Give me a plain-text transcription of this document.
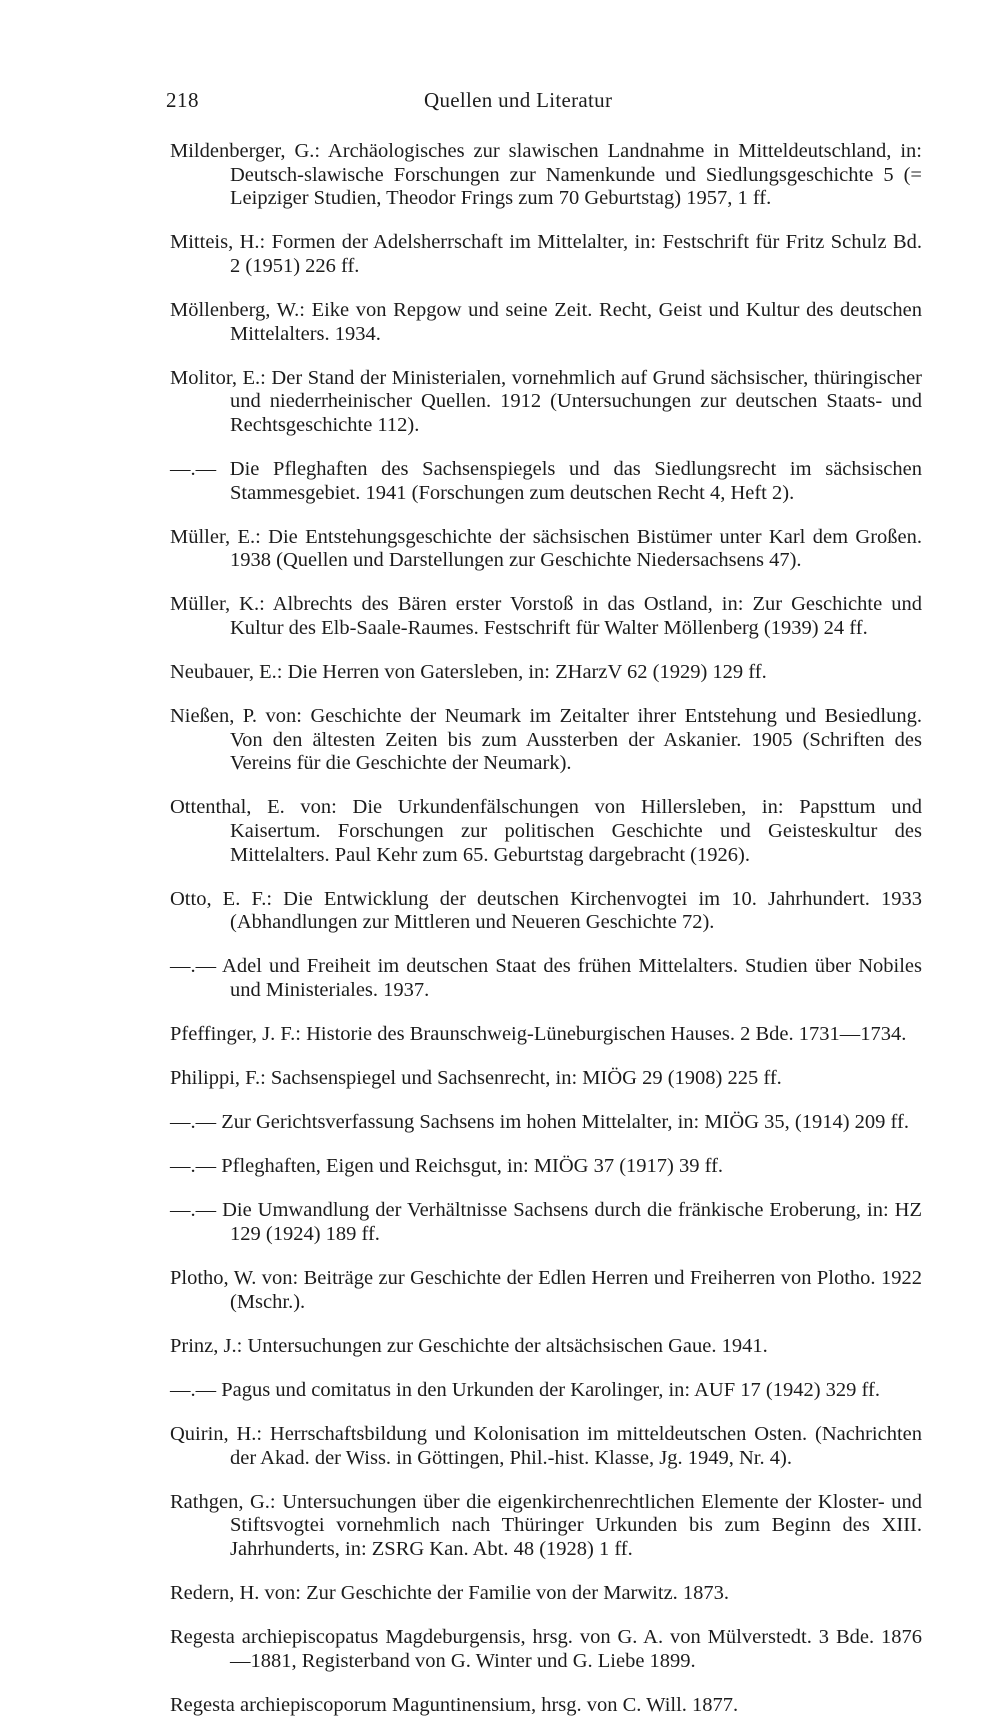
218	Quellen und Literatur

Mildenberger, G.: Archäologisches zur slawischen Landnahme in Mitteldeutschland, in: Deutsch-slawische Forschungen zur Namenkunde und Siedlungsgeschichte 5 (= Leipziger Studien, Theodor Frings zum 70 Geburtstag) 1957, 1 ff.

Mitteis, H.: Formen der Adelsherrschaft im Mittelalter, in: Festschrift für Fritz Schulz Bd. 2 (1951) 226 ff.

Möllenberg, W.: Eike von Repgow und seine Zeit. Recht, Geist und Kultur des deutschen Mittelalters. 1934.

Molitor, E.: Der Stand der Ministerialen, vornehmlich auf Grund sächsischer, thüringischer und niederrheinischer Quellen. 1912 (Untersuchungen zur deutschen Staats- und Rechtsgeschichte 112).

—.— Die Pfleghaften des Sachsenspiegels und das Siedlungsrecht im sächsischen Stammesgebiet. 1941 (Forschungen zum deutschen Recht 4, Heft 2).

Müller, E.: Die Entstehungsgeschichte der sächsischen Bistümer unter Karl dem Großen. 1938 (Quellen und Darstellungen zur Geschichte Niedersachsens 47).

Müller, K.: Albrechts des Bären erster Vorstoß in das Ostland, in: Zur Geschichte und Kultur des Elb-Saale-Raumes. Festschrift für Walter Möllenberg (1939) 24 ff.

Neubauer, E.: Die Herren von Gatersleben, in: ZHarzV 62 (1929) 129 ff.

Nießen, P. von: Geschichte der Neumark im Zeitalter ihrer Entstehung und Besiedlung. Von den ältesten Zeiten bis zum Aussterben der Askanier. 1905 (Schriften des Vereins für die Geschichte der Neumark).

Ottenthal, E. von: Die Urkundenfälschungen von Hillersleben, in: Papsttum und Kaisertum. Forschungen zur politischen Geschichte und Geisteskultur des Mittelalters. Paul Kehr zum 65. Geburtstag dargebracht (1926).

Otto, E. F.: Die Entwicklung der deutschen Kirchenvogtei im 10. Jahrhundert. 1933 (Abhandlungen zur Mittleren und Neueren Geschichte 72).

—.— Adel und Freiheit im deutschen Staat des frühen Mittelalters. Studien über Nobiles und Ministeriales. 1937.

Pfeffinger, J. F.: Historie des Braunschweig-Lüneburgischen Hauses. 2 Bde. 1731—1734.

Philippi, F.: Sachsenspiegel und Sachsenrecht, in: MIÖG 29 (1908) 225 ff.

—.— Zur Gerichtsverfassung Sachsens im hohen Mittelalter, in: MIÖG 35, (1914) 209 ff.

—.— Pfleghaften, Eigen und Reichsgut, in: MIÖG 37 (1917) 39 ff.

—.— Die Umwandlung der Verhältnisse Sachsens durch die fränkische Eroberung, in: HZ 129 (1924) 189 ff.

Plotho, W. von: Beiträge zur Geschichte der Edlen Herren und Freiherren von Plotho. 1922 (Mschr.).

Prinz, J.: Untersuchungen zur Geschichte der altsächsischen Gaue. 1941.

—.— Pagus und comitatus in den Urkunden der Karolinger, in: AUF 17 (1942) 329 ff.

Quirin, H.: Herrschaftsbildung und Kolonisation im mitteldeutschen Osten. (Nachrichten der Akad. der Wiss. in Göttingen, Phil.-hist. Klasse, Jg. 1949, Nr. 4).

Rathgen, G.: Untersuchungen über die eigenkirchenrechtlichen Elemente der Kloster- und Stiftsvogtei vornehmlich nach Thüringer Urkunden bis zum Beginn des XIII. Jahrhunderts, in: ZSRG Kan. Abt. 48 (1928) 1 ff.

Redern, H. von: Zur Geschichte der Familie von der Marwitz. 1873.

Regesta archiepiscopatus Magdeburgensis, hrsg. von G. A. von Mülverstedt. 3 Bde. 1876—1881, Registerband von G. Winter und G. Liebe 1899.

Regesta archiepiscoporum Maguntinensium, hrsg. von C. Will. 1877.
